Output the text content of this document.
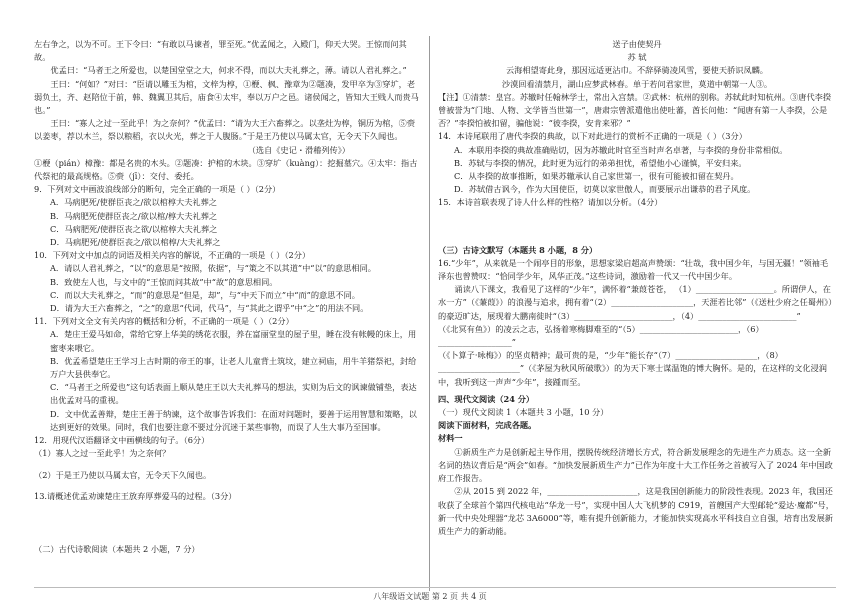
左右争之，以为不可。王下令曰：“有敢以马谏者，罪至死。”优孟闻之，入殿门，仰天大哭。王惊而问其故。

优孟曰：“马者王之所爱也，以楚国堂堂之大，何求不得，而以大夫礼葬之，薄。请以人君礼葬之。”

王曰：“何如？”对曰：“臣请以雕玉为棺，文梓为椁，①楩、枫、豫章为②题凑，发甲卒为③穿圹，老弱负土，齐、赵陪位于前，韩、魏翼卫其后，庙食④太牢，奉以万户之邑。诸侯闻之，皆知大王贱人而贵马也。”

王曰：“寡人之过一至此乎！为之奈何？”优孟曰：“请为大王六畜葬之。以垄灶为椁，铜历为棺，⑤赍以姜枣，荐以木兰，祭以粮稻，衣以火光，葬之于人腹肠。”于是王乃使以马属太官，无令天下久闻也。

（选自《史记・滑稽列传》）

①楩（pián）樟豫：都是名贵的木头。②题凑：护棺的木块。③穿圹（kuàng）：挖掘墓穴。④太牢：指古代祭祀的最高规格。⑤赍（jī）：交付、委托。

9．下列对文中画波浪线部分的断句，完全正确的一项是（ ）（2分）

A．马病肥死/使群臣丧之/欲以棺椁大夫礼葬之

B．马病肥死使群臣丧之/欲以棺/椁大夫礼葬之

C．马病肥死/使群臣丧之欲/以棺椁大夫礼葬之

D．马病肥死/使群臣丧之/欲以棺椁/大夫礼葬之

10．下列对文中加点的词语及相关内容的解说，不正确的一项是（ ）（2分）

A．请以人君礼葬之，“以”的意思是“按照，依据”，与“策之不以其道”中“以”的意思相同。

B．致使左人也，与文中的“王惊而问其故”中“故”的意思相同。

C．而以大夫礼葬之，“而”的意思是“但是，却”，与“中天下而立”中“而”的意思不同。

D．请为大王六畜葬之，“之”的意思“代词，代马”，与“其此之谓乎”中“之”的用法不同。

11．下列对文全文有关内容的概括和分析，不正确的一项是（ ）（2分）

A．楚庄王爱马如命，常给它穿上华美的绣花衣服，养在富丽堂皇的屋子里，睡在没有帐幔的床上，用蜜枣来喂它。

B．优孟希望楚庄王学习上古时期的帝王的事，让老人儿童背土筑坟，建立祠庙，用牛羊猪祭祀，封给万户大县供奉它。

C．“马者王之所爱也”这句话表面上顺从楚庄王以大夫礼葬马的想法，实则为后文的讽谏做铺垫，表达出优孟对马的重视。

D．文中优孟善辩，楚庄王善于纳谏，这个故事告诉我们：在面对问题时，要善于运用智慧和策略，以达到更好的效果。同时，我们也要注意不要过分沉迷于某些事物，而误了人生大事乃至国事。

12．用现代汉语翻译文中画横线的句子。（6分）

（1）寡人之过一至此乎！为之奈何？

（2）于是王乃使以马属太官，无令天下久闻也。

13.请概述优孟劝谏楚庄王放弃厚葬爱马的过程。（3分）

（二）古代诗歌阅读（本题共 2 小题，7 分）

送子由使契丹

苏 轼

云海相望寄此身，那因远适更沾巾。不辞驿骑凌风雪，要使天骄识凤麟。

沙漠回看清禁月，湖山应梦武林春。单于若问君家世，莫道中朝第一人③。

【注】①清禁：皇宫。苏辙时任翰林学士，常出入宫禁。②武林：杭州的别称。苏轼此时知杭州。③唐代李揆曾被誉为“门地、人物、文学皆当世第一”，唐肃宗曾派遣他出使吐蕃，酋长问他：“闻唐有第一人李揆，公是否？”李揆怕被扣留，骗他说：“彼李揆，安肯来邪？”

14．本诗尾联用了唐代李揆的典故，以下对此进行的赏析不正确的一项是（ ）（3分）

A．本联用李揆的典故准确贴切，因为苏辙此时官至当时声名卓著，与李揆的身份非常相似。

B．苏轼与李揆的情况，此时更为远行的弟弟担忧，希望他小心谨慎，平安归来。

C．从李揆的故事推断，如果苏辙承认自己家世第一，很有可能被扣留在契丹。

D．苏轼借古讽今，作为大国使臣，切莫以家世傲人，而要展示出谦恭的君子风度。

15．本诗首联表现了诗人什么样的性格？请加以分析。（4分）

（三）古诗文默写（本题共 8 小题，8 分）

16.“少年”，从来就是一个闹亭目的形象，思想家梁启超高声赞颂：“壮哉，我中国少年，与国无疆！”领袖毛泽东也曾赞叹：“恰同学少年，风华正茂。”这些诗词，激励着一代又一代中国少年。

诵读八下课文，我看见了这样的“少年”，满怀着“兼葭苍苍， （1）___________________。所谓伊人，在水一方”（《蒹葭》）的浪漫与追求，拥有着“（2）____________________，天涯若比邻”（《送杜少府之任蜀州》）的豪迈旷达，展现着大鹏南徙时“（3）________________________，（4）________________________”

（《北冥有鱼》）的凌云之志，弘扬着寒梅脚难至的“（5）________________________，（6）__________________”

（《卜算子·咏梅》）的坚贞精神；最可贵的是，“少年”能长存“（7）____________________，（8）

____________________”（《茅屋为秋风所破歌》）的为天下寒士谋温饱的博大胸怀。是的，在这样的文化浸润中，我听到这一声声“少年”，接踵而至。

四、现代文阅读（24 分）

（一）现代文阅读 1（本题共 3 小题，10 分）

阅读下面材料，完成各题。

材料一

①新质生产力是创新起主导作用，摆脱传统经济增长方式，符合新发展理念的先进生产力质态。这一全新名词的热议背后是“两会”如春。“加快发展新质生产力”已作为年度十大工作任务之首被写入了 2024 年中国政府工作报告。

②从 2015 到 2022 年，______________________，这是我国创新能力的阶段性表现。2023 年，我国还收获了全球首个第四代核电站“华龙一号”，实现中国人大飞机梦的 C919，首艘国产大型邮轮“爱达·魔都”号，新一代中央处理器“龙芯 3A6000”等，唯有提升创新能力，才能加快实现高水平科技自立自强，培育出发展新质生产力的新动能。

八年级语文试题 第 2 页 共 4 页
